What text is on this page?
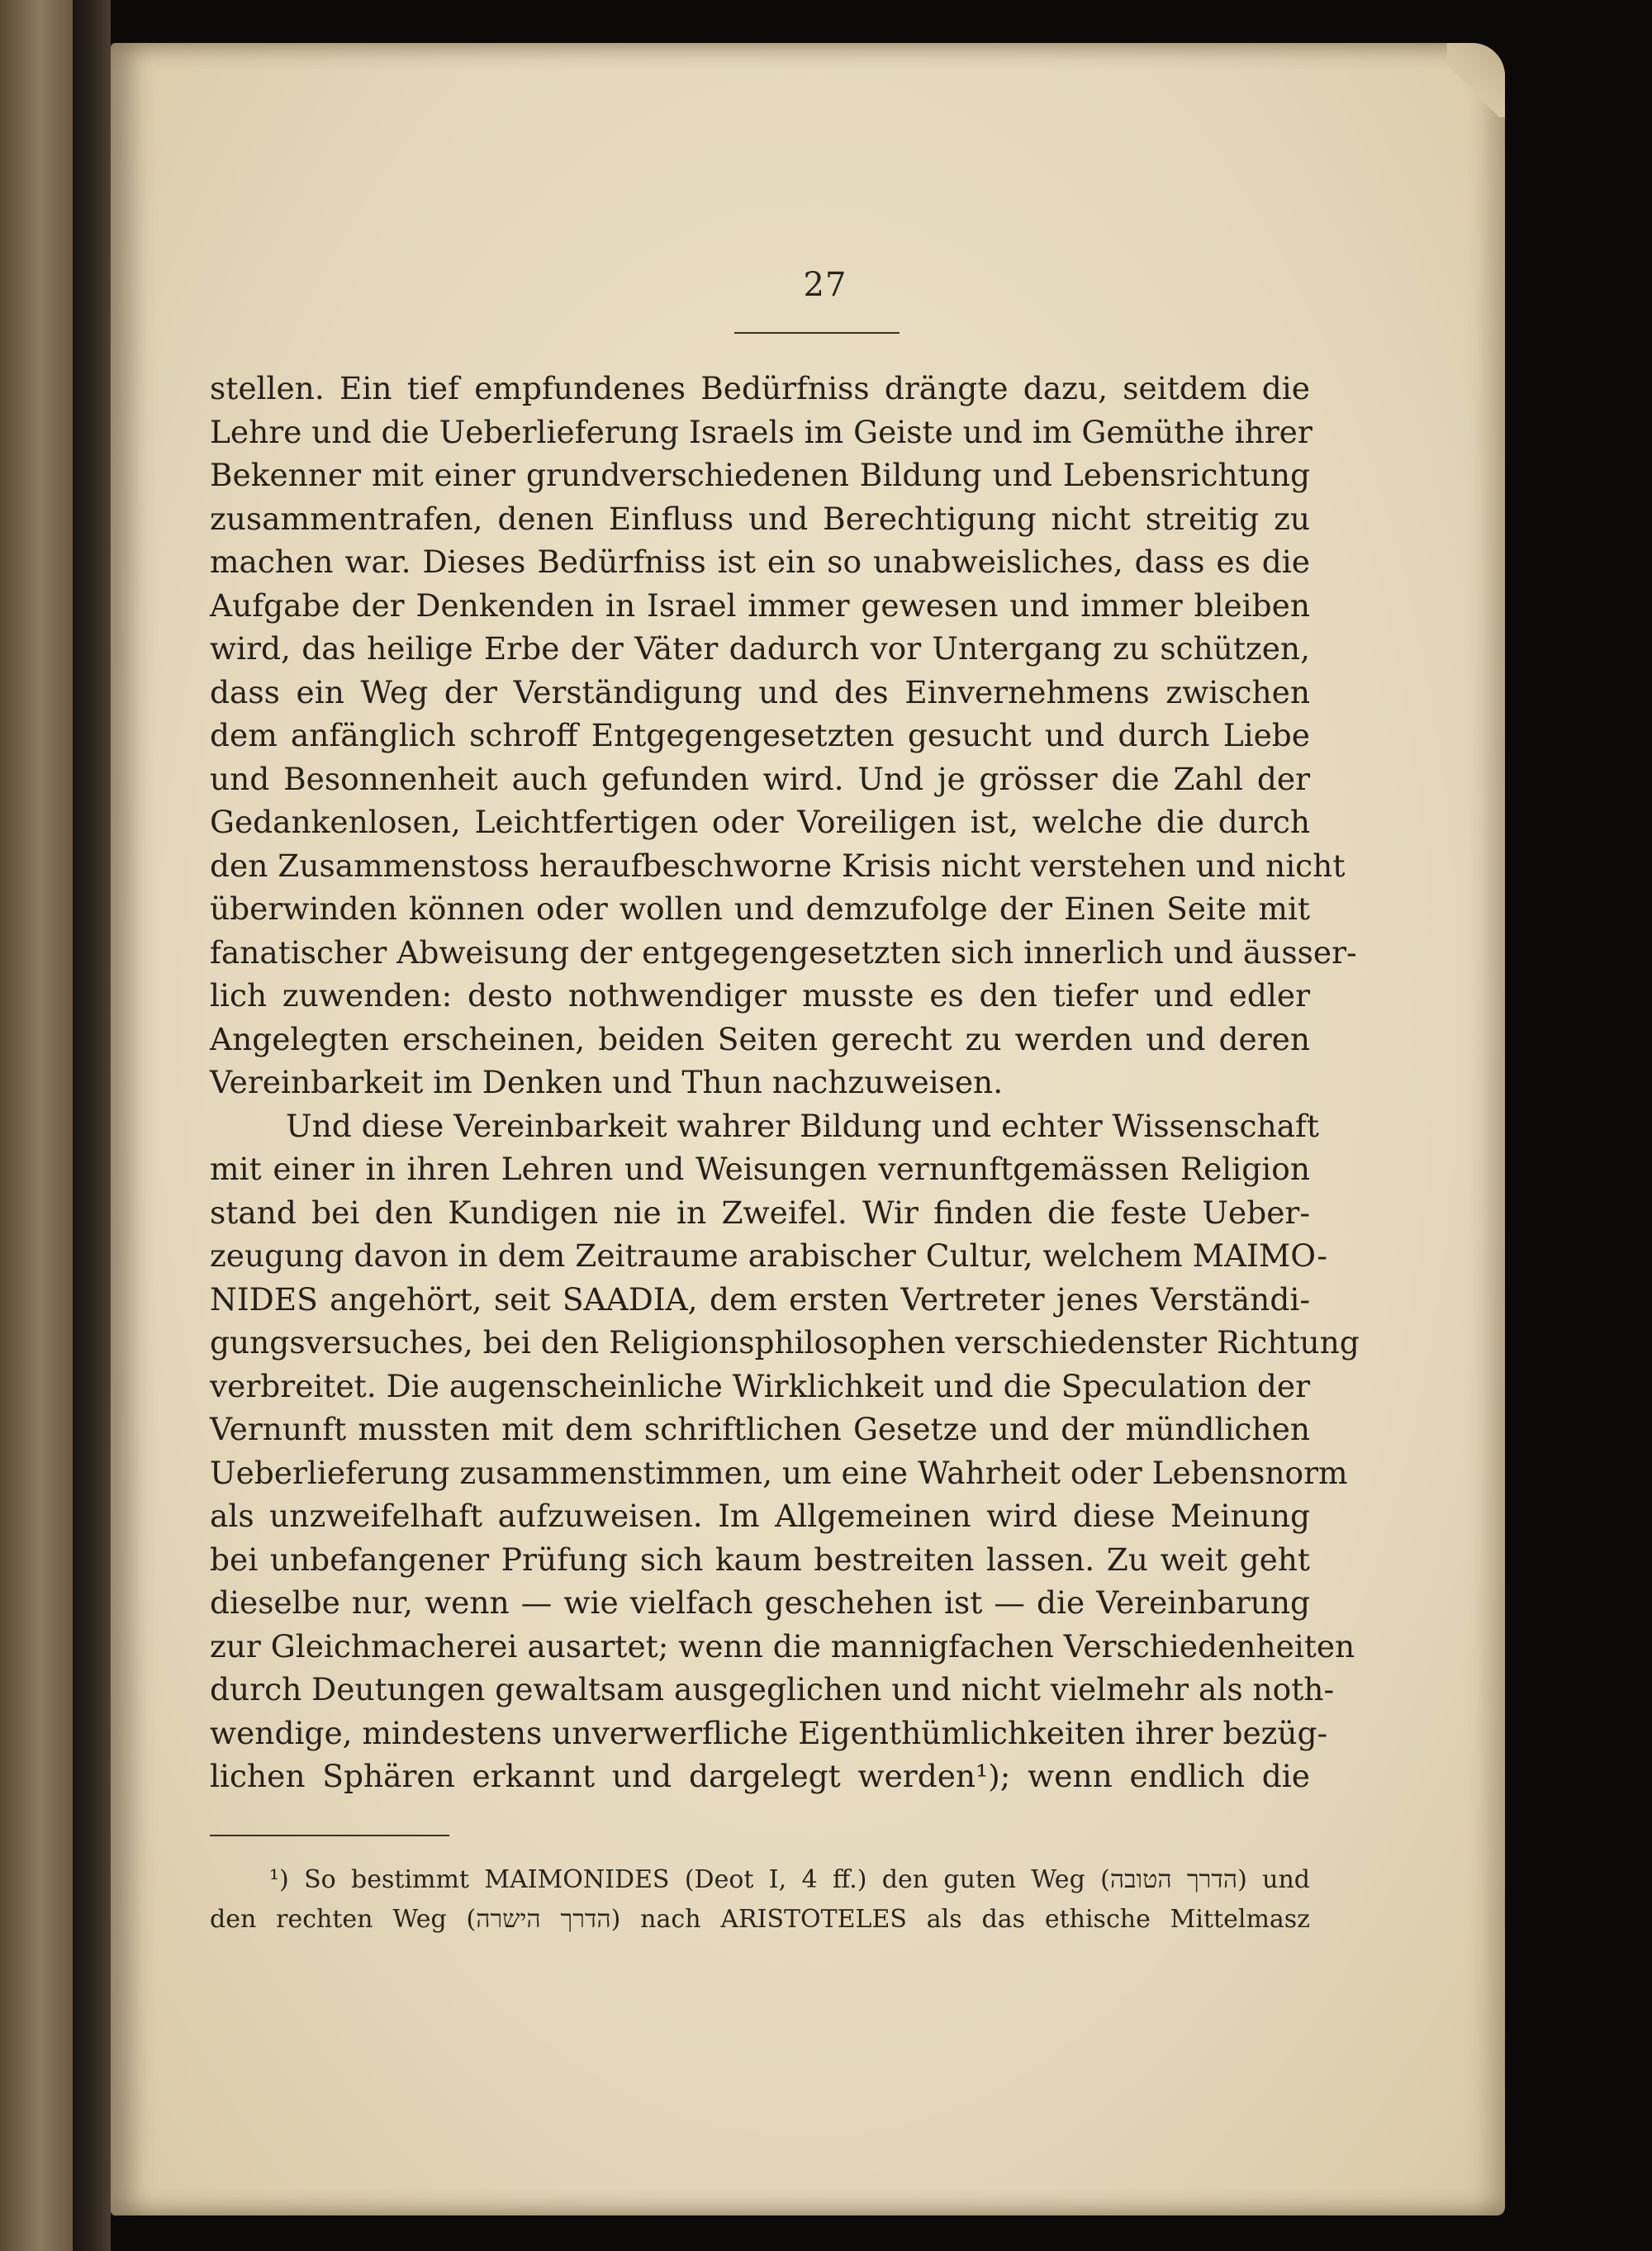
27
stellen. Ein tief empfundenes Bedürfniss drängte dazu, seitdem die
Lehre und die Ueberlieferung Israels im Geiste und im Gemüthe ihrer
Bekenner mit einer grundverschiedenen Bildung und Lebensrichtung
zusammentrafen, denen Einfluss und Berechtigung nicht streitig zu
machen war. Dieses Bedürfniss ist ein so unabweisliches, dass es die
Aufgabe der Denkenden in Israel immer gewesen und immer bleiben
wird, das heilige Erbe der Väter dadurch vor Untergang zu schützen,
dass ein Weg der Verständigung und des Einvernehmens zwischen
dem anfänglich schroff Entgegengesetzten gesucht und durch Liebe
und Besonnenheit auch gefunden wird. Und je grösser die Zahl der
Gedankenlosen, Leichtfertigen oder Voreiligen ist, welche die durch
den Zusammenstoss heraufbeschworne Krisis nicht verstehen und nicht
überwinden können oder wollen und demzufolge der Einen Seite mit
fanatischer Abweisung der entgegengesetzten sich innerlich und äusser-
lich zuwenden: desto nothwendiger musste es den tiefer und edler
Angelegten erscheinen, beiden Seiten gerecht zu werden und deren
Vereinbarkeit im Denken und Thun nachzuweisen.
Und diese Vereinbarkeit wahrer Bildung und echter Wissenschaft
mit einer in ihren Lehren und Weisungen vernunftgemässen Religion
stand bei den Kundigen nie in Zweifel. Wir finden die feste Ueber-
zeugung davon in dem Zeitraume arabischer Cultur, welchem MAIMO-
NIDES angehört, seit SAADIA, dem ersten Vertreter jenes Verständi-
gungsversuches, bei den Religionsphilosophen verschiedenster Richtung
verbreitet. Die augenscheinliche Wirklichkeit und die Speculation der
Vernunft mussten mit dem schriftlichen Gesetze und der mündlichen
Ueberlieferung zusammenstimmen, um eine Wahrheit oder Lebensnorm
als unzweifelhaft aufzuweisen. Im Allgemeinen wird diese Meinung
bei unbefangener Prüfung sich kaum bestreiten lassen. Zu weit geht
dieselbe nur, wenn — wie vielfach geschehen ist — die Vereinbarung
zur Gleichmacherei ausartet; wenn die mannigfachen Verschiedenheiten
durch Deutungen gewaltsam ausgeglichen und nicht vielmehr als noth-
wendige, mindestens unverwerfliche Eigenthümlichkeiten ihrer bezüg-
lichen Sphären erkannt und dargelegt werden¹); wenn endlich die
¹) So bestimmt MAIMONIDES (Deot I, 4 ff.) den guten Weg (הדרך הטובה) und
den rechten Weg (הדרך הישרה) nach ARISTOTELES als das ethische Mittelmasz
